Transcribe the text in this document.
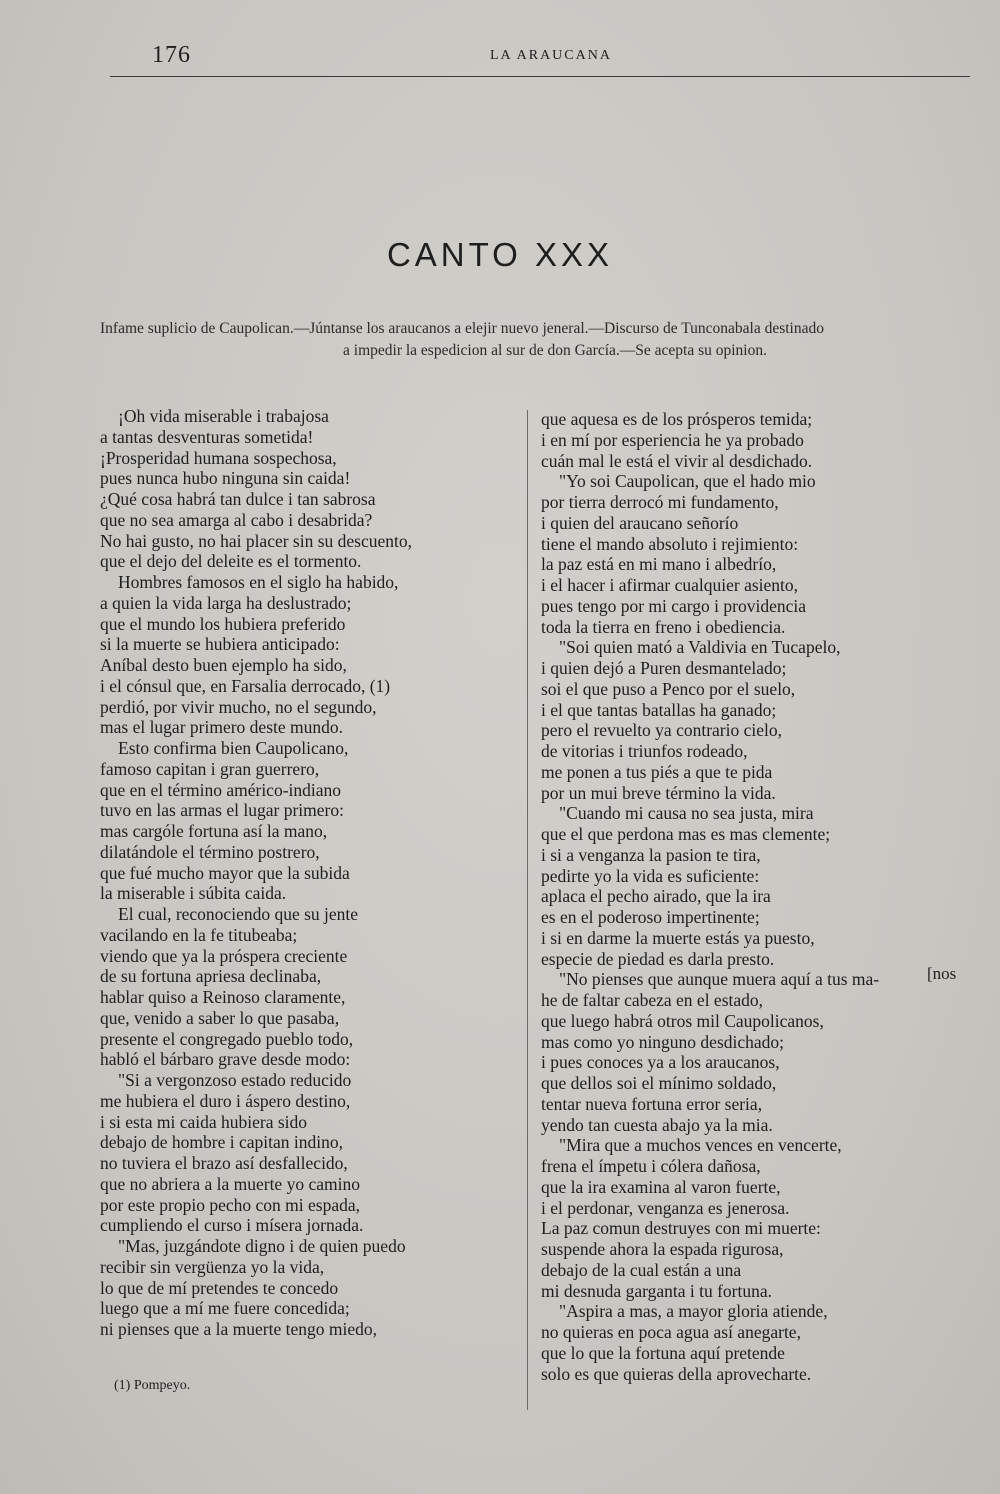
176	LA ARAUCANA
CANTO XXX
Infame suplicio de Caupolican.—Júntanse los araucanos a elejir nuevo jeneral.—Discurso de Tunconabala destinado
a impedir la espedicion al sur de don García.—Se acepta su opinion.
¡Oh vida miserable i trabajosa
a tantas desventuras sometida!
¡Prosperidad humana sospechosa,
pues nunca hubo ninguna sin caida!
¿Qué cosa habrá tan dulce i tan sabrosa
que no sea amarga al cabo i desabrida?
No hai gusto, no hai placer sin su descuento,
que el dejo del deleite es el tormento.
Hombres famosos en el siglo ha habido,
a quien la vida larga ha deslustrado;
que el mundo los hubiera preferido
si la muerte se hubiera anticipado:
Aníbal desto buen ejemplo ha sido,
i el cónsul que, en Farsalia derrocado, (1)
perdió, por vivir mucho, no el segundo,
mas el lugar primero deste mundo.
Esto confirma bien Caupolicano,
famoso capitan i gran guerrero,
que en el término américo-indiano
tuvo en las armas el lugar primero:
mas cargóle fortuna así la mano,
dilatándole el término postrero,
que fué mucho mayor que la subida
la miserable i súbita caida.
El cual, reconociendo que su jente
vacilando en la fe titubeaba;
viendo que ya la próspera creciente
de su fortuna apriesa declinaba,
hablar quiso a Reinoso claramente,
que, venido a saber lo que pasaba,
presente el congregado pueblo todo,
habló el bárbaro grave desde modo:
"Si a vergonzoso estado reducido
me hubiera el duro i áspero destino,
i si esta mi caida hubiera sido
debajo de hombre i capitan indino,
no tuviera el brazo así desfallecido,
que no abriera a la muerte yo camino
por este propio pecho con mi espada,
cumpliendo el curso i mísera jornada.
"Mas, juzgándote digno i de quien puedo
recibir sin vergüenza yo la vida,
lo que de mí pretendes te concedo
luego que a mí me fuere concedida;
ni pienses que a la muerte tengo miedo,
que aquesa es de los prósperos temida;
i en mí por esperiencia he ya probado
cuán mal le está el vivir al desdichado.
"Yo soi Caupolican, que el hado mio
por tierra derrocó mi fundamento,
i quien del araucano señorío
tiene el mando absoluto i rejimiento:
la paz está en mi mano i albedrío,
i el hacer i afirmar cualquier asiento,
pues tengo por mi cargo i providencia
toda la tierra en freno i obediencia.
"Soi quien mató a Valdivia en Tucapelo,
i quien dejó a Puren desmantelado;
soi el que puso a Penco por el suelo,
i el que tantas batallas ha ganado;
pero el revuelto ya contrario cielo,
de vitorias i triunfos rodeado,
me ponen a tus piés a que te pida
por un mui breve término la vida.
"Cuando mi causa no sea justa, mira
que el que perdona mas es mas clemente;
i si a venganza la pasion te tira,
pedirte yo la vida es suficiente:
aplaca el pecho airado, que la ira
es en el poderoso impertinente;
i si en darme la muerte estás ya puesto,
especie de piedad es darla presto.
"No pienses que aunque muera aquí a tus ma-
he de faltar cabeza en el estado,
que luego habrá otros mil Caupolicanos,
mas como yo ninguno desdichado;
i pues conoces ya a los araucanos,
que dellos soi el mínimo soldado,
tentar nueva fortuna error seria,
yendo tan cuesta abajo ya la mia.
"Mira que a muchos vences en vencerte,
frena el ímpetu i cólera dañosa,
que la ira examina al varon fuerte,
i el perdonar, venganza es jenerosa.
La paz comun destruyes con mi muerte:
suspende ahora la espada rigurosa,
debajo de la cual están a una
mi desnuda garganta i tu fortuna.
"Aspira a mas, a mayor gloria atiende,
no quieras en poca agua así anegarte,
que lo que la fortuna aquí pretende
solo es que quieras della aprovecharte.
[nos
(1) Pompeyo.
